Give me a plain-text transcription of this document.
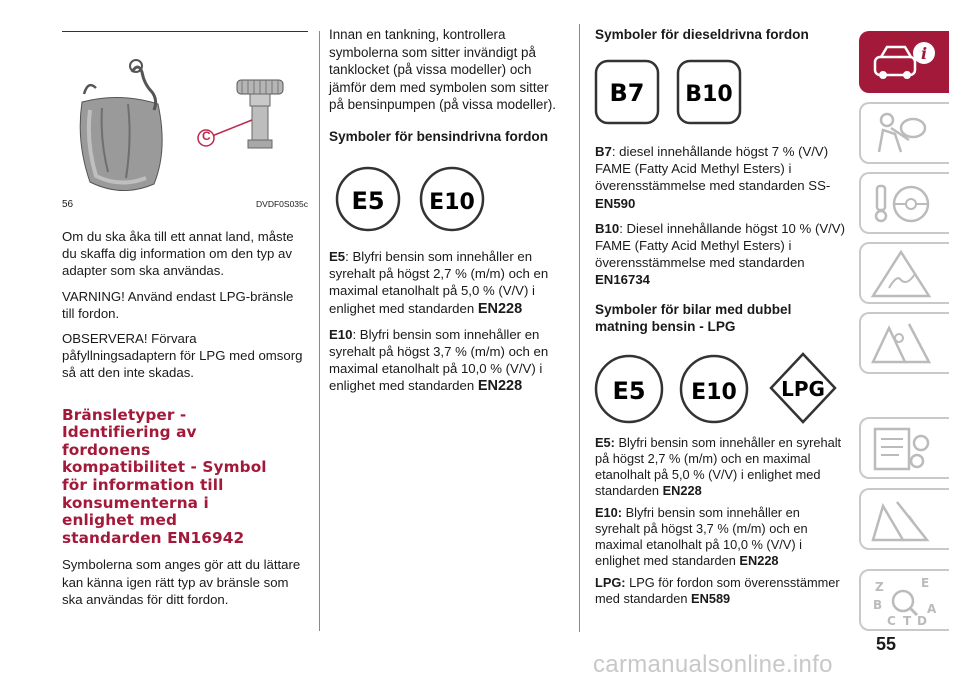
C
56	DVDF0S035c

Om du ska åka till ett annat land, måste du skaffa dig information om den typ av adapter som ska användas.

VARNING! Använd endast LPG-bränsle till fordon.

OBSERVERA! Förvara påfyllningsadaptern för LPG med omsorg så att den inte skadas.

Bränsletyper -
Identifiering av
fordonens
kompatibilitet - Symbol
för information till
konsumenterna i
enlighet med
standarden EN16942

Symbolerna som anges gör att du lättare kan känna igen rätt typ av bränsle som ska användas för ditt fordon.

Innan en tankning, kontrollera symbolerna som sitter invändigt på tanklocket (på vissa modeller) och jämför dem med symbolen som sitter på bensinpumpen (på vissa modeller).

Symboler för bensindrivna fordon

E5 E10

E5: Blyfri bensin som innehåller en syrehalt på högst 2,7 % (m/m) och en maximal etanolhalt på 5,0 % (V/V) i enlighet med standarden EN228

E10: Blyfri bensin som innehåller en syrehalt på högst 3,7 % (m/m) och en maximal etanolhalt på 10,0 % (V/V) i enlighet med standarden EN228

Symboler för dieseldrivna fordon

B7 B10

B7: diesel innehållande högst 7 % (V/V) FAME (Fatty Acid Methyl Esters) i överensstämmelse med standarden SS-EN590

B10: Diesel innehållande högst 10 % (V/V) FAME (Fatty Acid Methyl Esters) i överensstämmelse med standarden EN16734

Symboler för bilar med dubbel

matning bensin - LPG

E5 E10 LPG

E5: Blyfri bensin som innehåller en syrehalt på högst 2,7 % (m/m) och en maximal etanolhalt på 5,0 % (V/V) i enlighet med standarden EN228

E10: Blyfri bensin som innehåller en syrehalt på högst 3,7 % (m/m) och en maximal etanolhalt på 10,0 % (V/V) i enlighet med standarden EN228

LPG: LPG för fordon som överensstämmer med standarden EN589

i
Z	E
A
B
C D
T
55
carmanualsonline.info
